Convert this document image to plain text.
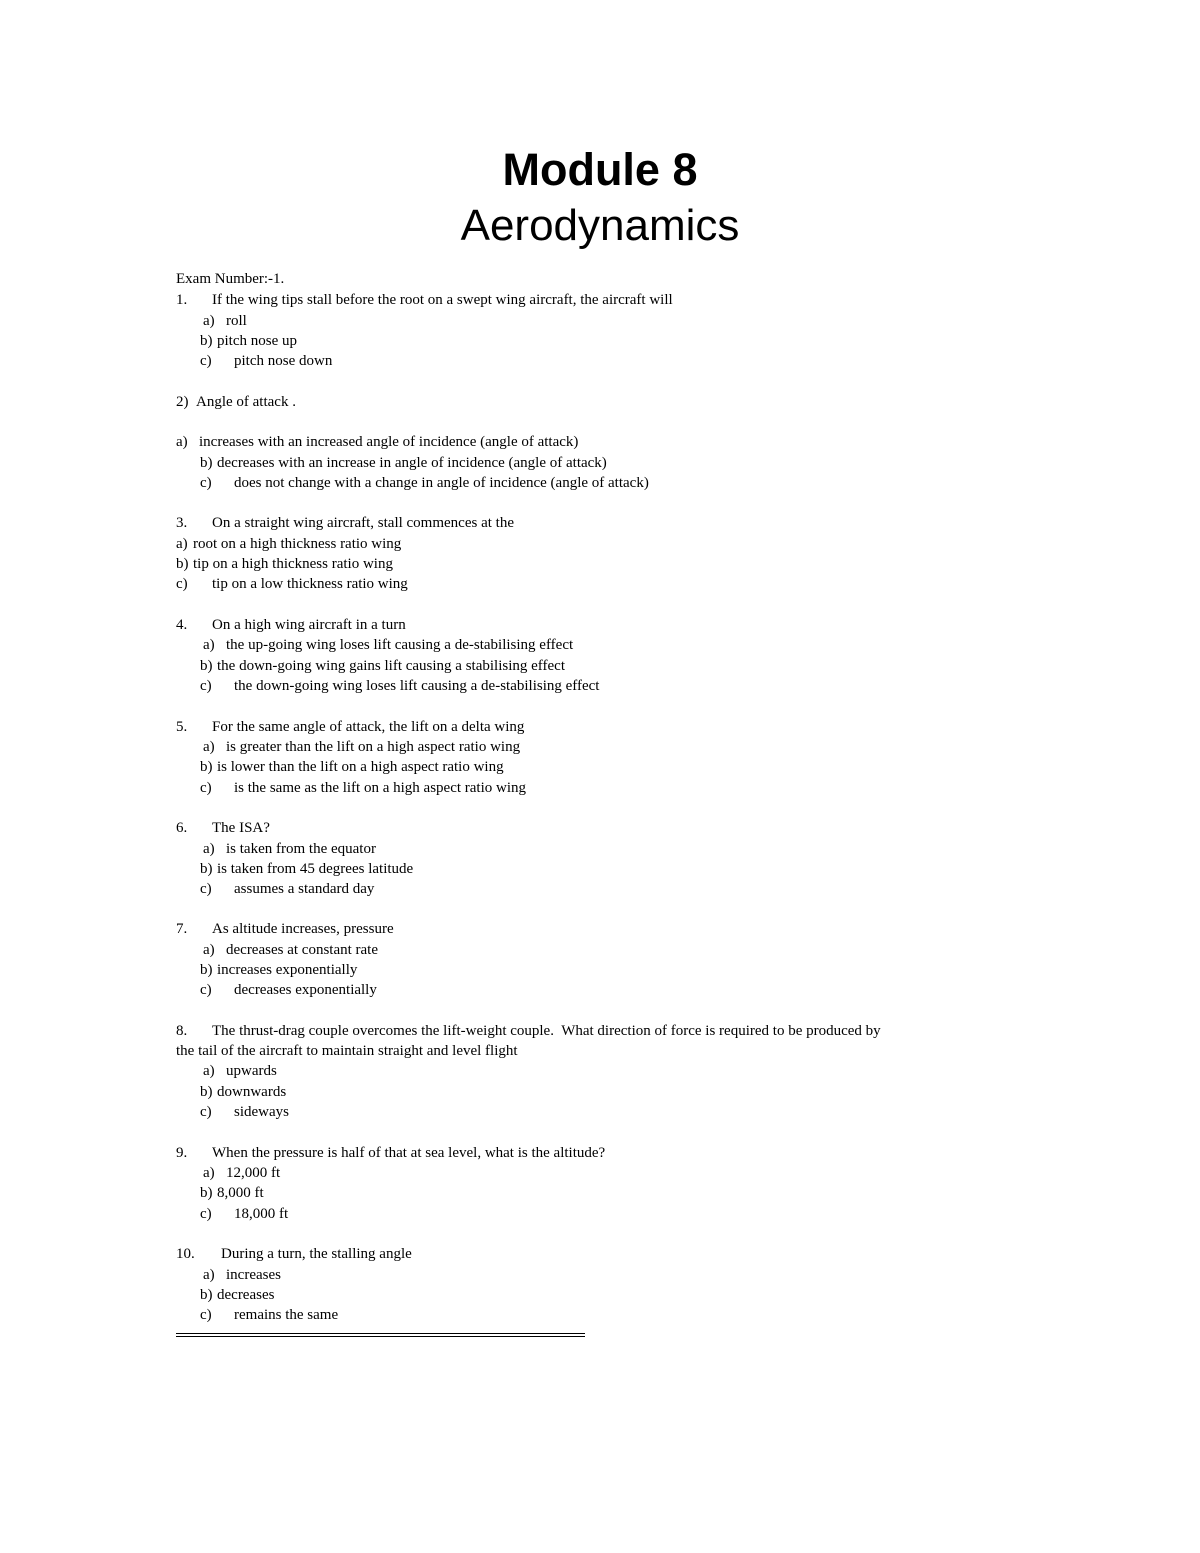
Module 8
Aerodynamics
Exam Number:-1.
1. If the wing tips stall before the root on a swept wing aircraft, the aircraft will
a) roll
b) pitch nose up
c) pitch nose down
2) Angle of attack .
a) increases with an increased angle of incidence (angle of attack)
b) decreases with an increase in angle of incidence (angle of attack)
c) does not change with a change in angle of incidence (angle of attack)
3. On a straight wing aircraft, stall commences at the
a) root on a high thickness ratio wing
b) tip on a high thickness ratio wing
c) tip on a low thickness ratio wing
4. On a high wing aircraft in a turn
a) the up-going wing loses lift causing a de-stabilising effect
b) the down-going wing gains lift causing a stabilising effect
c) the down-going wing loses lift causing a de-stabilising effect
5. For the same angle of attack, the lift on a delta wing
a) is greater than the lift on a high aspect ratio wing
b) is lower than the lift on a high aspect ratio wing
c) is the same as the lift on a high aspect ratio wing
6. The ISA?
a) is taken from the equator
b) is taken from 45 degrees latitude
c) assumes a standard day
7. As altitude increases, pressure
a) decreases at constant rate
b) increases exponentially
c) decreases exponentially
8. The thrust-drag couple overcomes the lift-weight couple.  What direction of force is required to be produced by
the tail of the aircraft to maintain straight and level flight
a) upwards
b) downwards
c) sideways
9. When the pressure is half of that at sea level, what is the altitude?
a) 12,000 ft
b) 8,000 ft
c) 18,000 ft
10. During a turn, the stalling angle
a) increases
b) decreases
c) remains the same
